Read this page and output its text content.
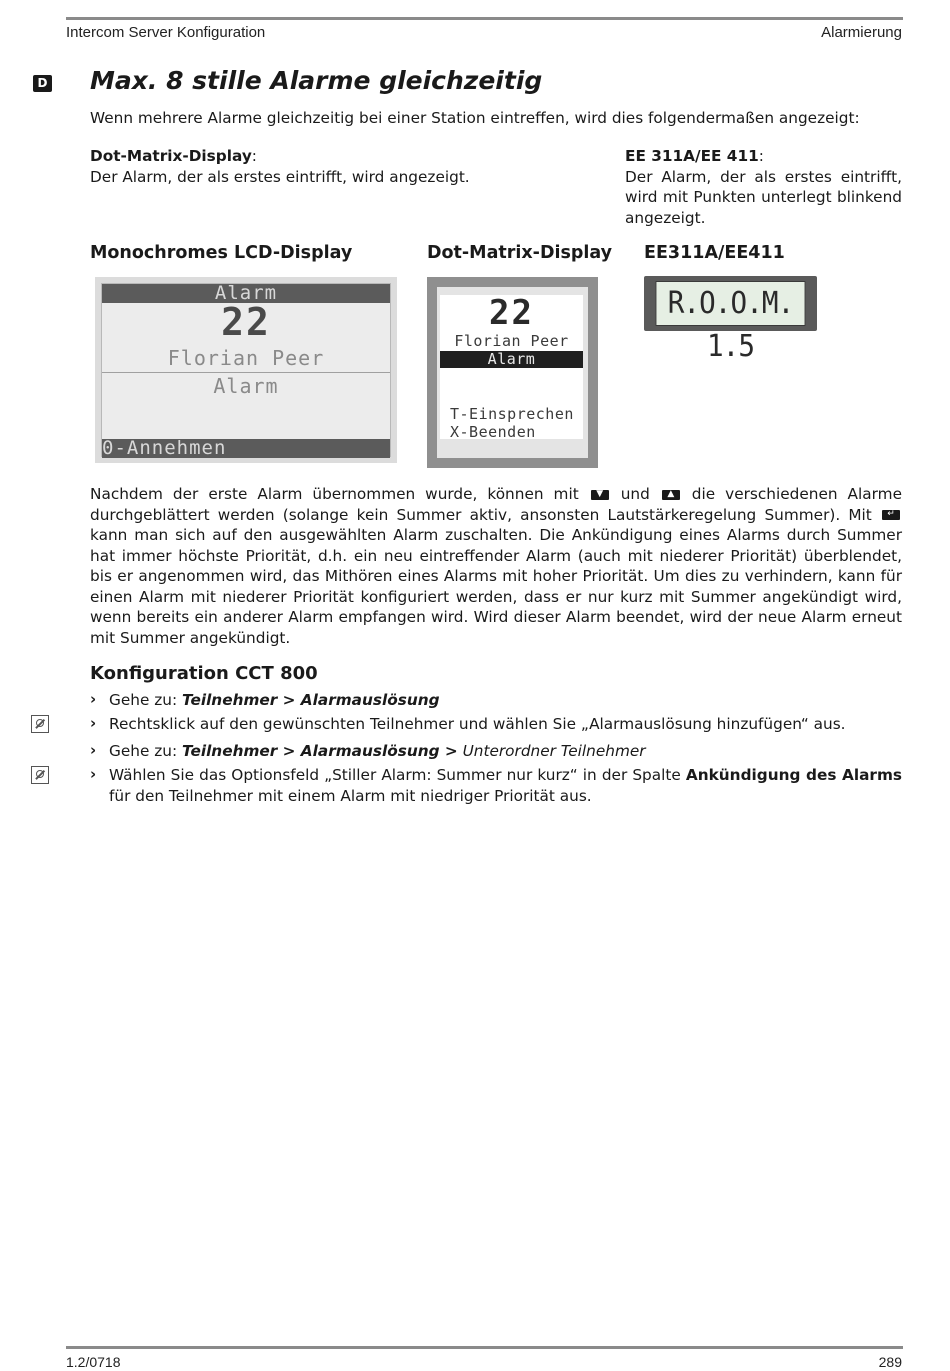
Intercom Server Konfiguration	Alarmierung
D Max. 8 stille Alarme gleichzeitig
Wenn mehrere Alarme gleichzeitig bei einer Station eintreffen, wird dies folgendermaßen angezeigt:
Dot-Matrix-Display:
Der Alarm, der als erstes eintrifft, wird angezeigt.
EE 311A/EE 411:
Der Alarm, der als erstes eintrifft, wird mit Punkten unterlegt blinkend angezeigt.
Monochromes LCD-Display	Dot-Matrix-Display EE311A/EE411
Alarm
22
Florian Peer
Alarm
0-Annehmen
22
Florian Peer
Alarm
T-Einsprechen
X-Beenden
R.O.O.M. 1.5
Nachdem der erste Alarm übernommen wurde, können mit	▼	und	▲	die verschiedenen Alarme durchgeblättert werden (solange kein Summer aktiv, ansonsten Lautstärkeregelung Summer). Mit	↵
kann man sich auf den ausgewählten Alarm zuschalten. Die Ankündigung eines Alarms durch Summer hat immer höchste Priorität, d.h. ein neu eintreffender Alarm (auch mit niederer Priorität) überblendet, bis er angenommen wird, das Mithören eines Alarms mit hoher Priorität. Um dies zu verhindern, kann für einen Alarm mit niederer Priorität konfiguriert werden, dass er nur kurz mit Summer angekündigt wird, wenn bereits ein anderer Alarm empfangen wird. Wird dieser Alarm beendet, wird der neue Alarm erneut mit Summer angekündigt.
Konfiguration CCT 800
› Gehe zu: Teilnehmer > Alarmauslösung
› Rechtsklick auf den gewünschten Teilnehmer und wählen Sie „Alarmauslösung hinzufügen“ aus.
› Gehe zu: Teilnehmer > Alarmauslösung > Unterordner Teilnehmer
› Wählen Sie das Optionsfeld „Stiller Alarm: Summer nur kurz“ in der Spalte Ankündigung des Alarms für den Teilnehmer mit einem Alarm mit niedriger Priorität aus.
1.2/0718	289
